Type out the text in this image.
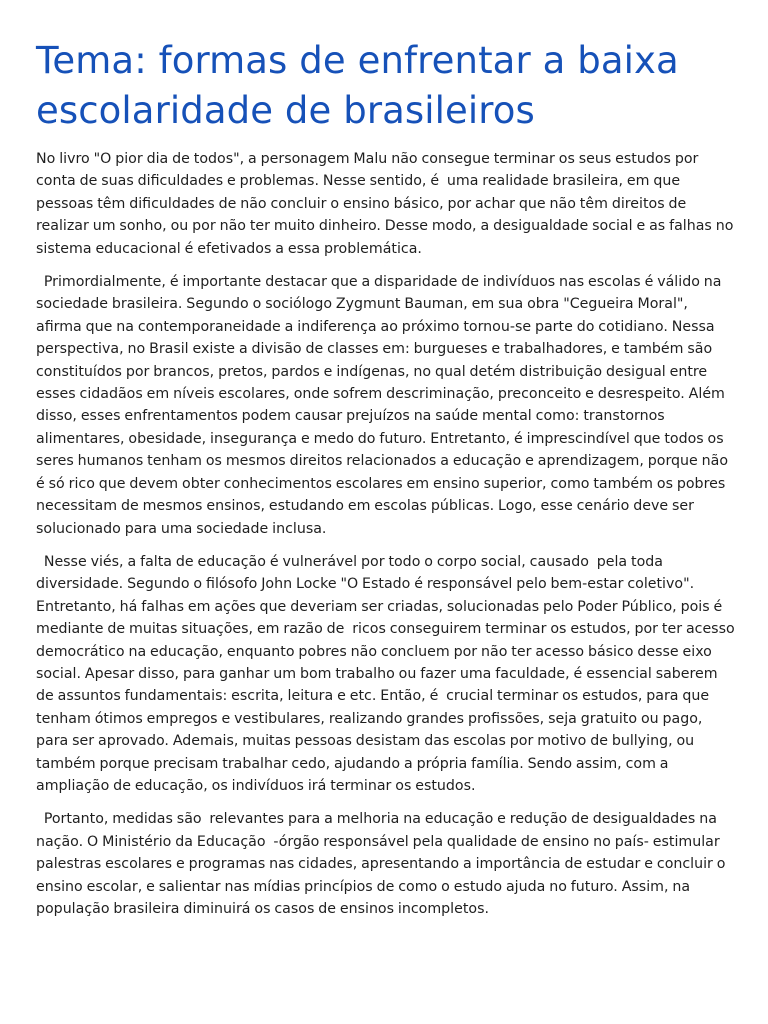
Tema: formas de enfrentar a baixa escolaridade de brasileiros

No livro "O pior dia de todos", a personagem Malu não consegue terminar os seus estudos por conta de suas dificuldades e problemas. Nesse sentido, é  uma realidade brasileira, em que pessoas têm dificuldades de não concluir o ensino básico, por achar que não têm direitos de realizar um sonho, ou por não ter muito dinheiro. Desse modo, a desigualdade social e as falhas no sistema educacional é efetivados a essa problemática.

Primordialmente, é importante destacar que a disparidade de indivíduos nas escolas é válido na sociedade brasileira. Segundo o sociólogo Zygmunt Bauman, em sua obra "Cegueira Moral", afirma que na contemporaneidade a indiferença ao próximo tornou-se parte do cotidiano. Nessa perspectiva, no Brasil existe a divisão de classes em: burgueses e trabalhadores, e também são  constituídos por brancos, pretos, pardos e indígenas, no qual detém distribuição desigual entre esses cidadãos em níveis escolares, onde sofrem descriminação, preconceito e desrespeito. Além disso, esses enfrentamentos podem causar prejuízos na saúde mental como: transtornos alimentares, obesidade, insegurança e medo do futuro. Entretanto, é imprescindível que todos os seres humanos tenham os mesmos direitos relacionados a educação e aprendizagem, porque não é só rico que devem obter conhecimentos escolares em ensino superior, como também os pobres necessitam de mesmos ensinos, estudando em escolas públicas. Logo, esse cenário deve ser solucionado para uma sociedade inclusa.

Nesse viés, a falta de educação é vulnerável por todo o corpo social, causado  pela toda diversidade. Segundo o filósofo John Locke "O Estado é responsável pelo bem-estar coletivo". Entretanto, há falhas em ações que deveriam ser criadas, solucionadas pelo Poder Público, pois é  mediante de muitas situações, em razão de  ricos conseguirem terminar os estudos, por ter acesso democrático na educação, enquanto pobres não concluem por não ter acesso básico desse eixo social. Apesar disso, para ganhar um bom trabalho ou fazer uma faculdade, é essencial saberem de assuntos fundamentais: escrita, leitura e etc. Então, é  crucial terminar os estudos, para que tenham ótimos empregos e vestibulares, realizando grandes profissões, seja gratuito ou pago, para ser aprovado. Ademais, muitas pessoas desistam das escolas por motivo de bullying, ou também porque precisam trabalhar cedo, ajudando a própria família. Sendo assim, com a ampliação de educação, os indivíduos irá terminar os estudos.

Portanto, medidas são  relevantes para a melhoria na educação e redução de desigualdades na nação. O Ministério da Educação  -órgão responsável pela qualidade de ensino no país- estimular palestras escolares e programas nas cidades, apresentando a importância de estudar e concluir o ensino escolar, e salientar nas mídias princípios de como o estudo ajuda no futuro. Assim, na população brasileira diminuirá os casos de ensinos incompletos.
